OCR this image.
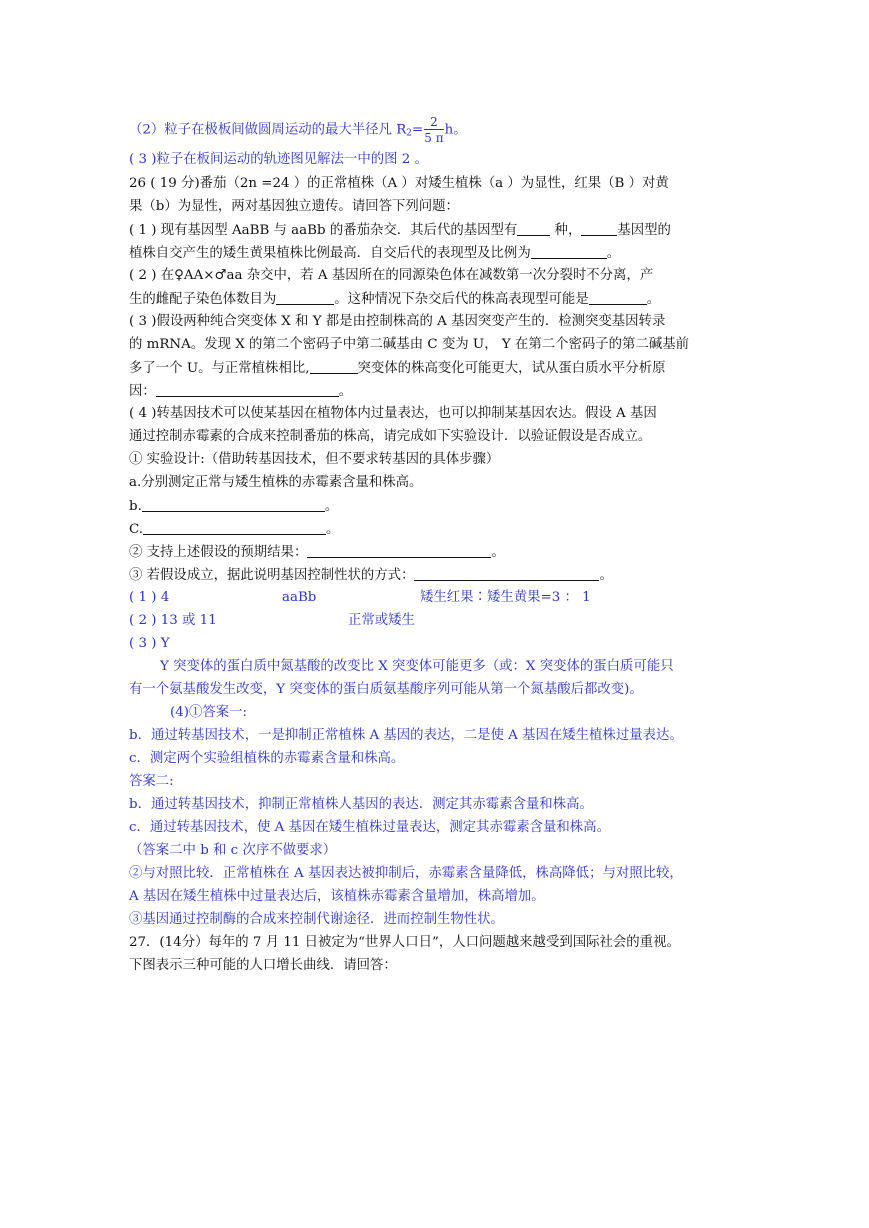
（2）粒子在极板间做圆周运动的最大半径凡 $R_2= \frac{2}{5 \pi}$ h。
( 3 )粒子在板间运动的轨迹图见解法一中的图 2 。
26 ( 19 分)番茄（2n =24 ）的正常植株（A ）对矮生植株（a ）为显性，红果（B ）对黄
果（b）为显性，两对基因独立遗传。请回答下列问题：
( 1 ) 现有基因型 AaBB 与 aaBb 的番茄杂交．其后代的基因型有 种，	基因型的
植株自交产生的矮生黄果植株比例最高．自交后代的表现型及比例为	。
( 2 ) 在♀AA×♂aa 杂交中，若 A 基因所在的同源染色体在减数第一次分裂时不分离，产
生的雌配子染色体数目为	。这种情况下杂交后代的株高表现型可能是	。
( 3 )假设两种纯合突变体 X 和 Y 都是由控制株高的 A 基因突变产生的．检测突变基因转录
的 mRNA。发现 X 的第二个密码子中第二碱基由 C 变为 U， Y 在第二个密码子的第二碱基前
多了一个 U。与正常植株相比,	突变体的株高变化可能更大，试从蛋白质水平分析原
因：	。
( 4 )转基因技术可以使某基因在植物体内过量表达，也可以抑制某基因农达。假设 A 基因
通过控制赤霉素的合成来控制番茄的株高，请完成如下实验设计．以验证假设是否成立。
① 实验设计:（借助转基因技术，但不要求转基因的具体步骤）
a.分别测定正常与矮生植株的赤霉素含量和株高。
b.	。
C.	。
② 支持上述假设的预期结果：	。
③ 若假设成立，据此说明基因控制性状的方式：	。
( 1 ) 4	aaBb	矮生红果∶矮生黄果=3 ： 1
( 2 ) 13 或 11	正常或矮生
( 3 ) Y
Y 突变体的蛋白质中氮基酸的改变比 X 突变体可能更多（或：X 突变体的蛋白质可能只
有一个氨基酸发生改变，Y 突变体的蛋白质氨基酸序列可能从第一个氮基酸后都改变)。
(4)①答案一:
b．通过转基因技术，一是抑制正常植株 A 基因的表达，二是使 A 基因在矮生植株过量表达。
c．测定两个实验组植株的赤霉素含量和株高。
答案二:
b．通过转基因技术，抑制正常植株人基因的表达．测定其赤霉素含量和株高。
c．通过转基因技术，使 A 基因在矮生植株过量表达，测定其赤霉素含量和株高。
（答案二中 b 和 c 次序不做要求）
②与对照比较．正常植株在 A 基因表达被抑制后，赤霉素含量降低，株高降低；与对照比较，
A 基因在矮生植株中过量表达后，该植株赤霉素含量增加，株高增加。
③基因通过控制酶的合成来控制代谢途径．进而控制生物性状。
27．(14分）每年的 7 月 11 日被定为“世界人口日”，人口问题越来越受到国际社会的重视。
下图表示三种可能的人口增长曲线．请回答：
